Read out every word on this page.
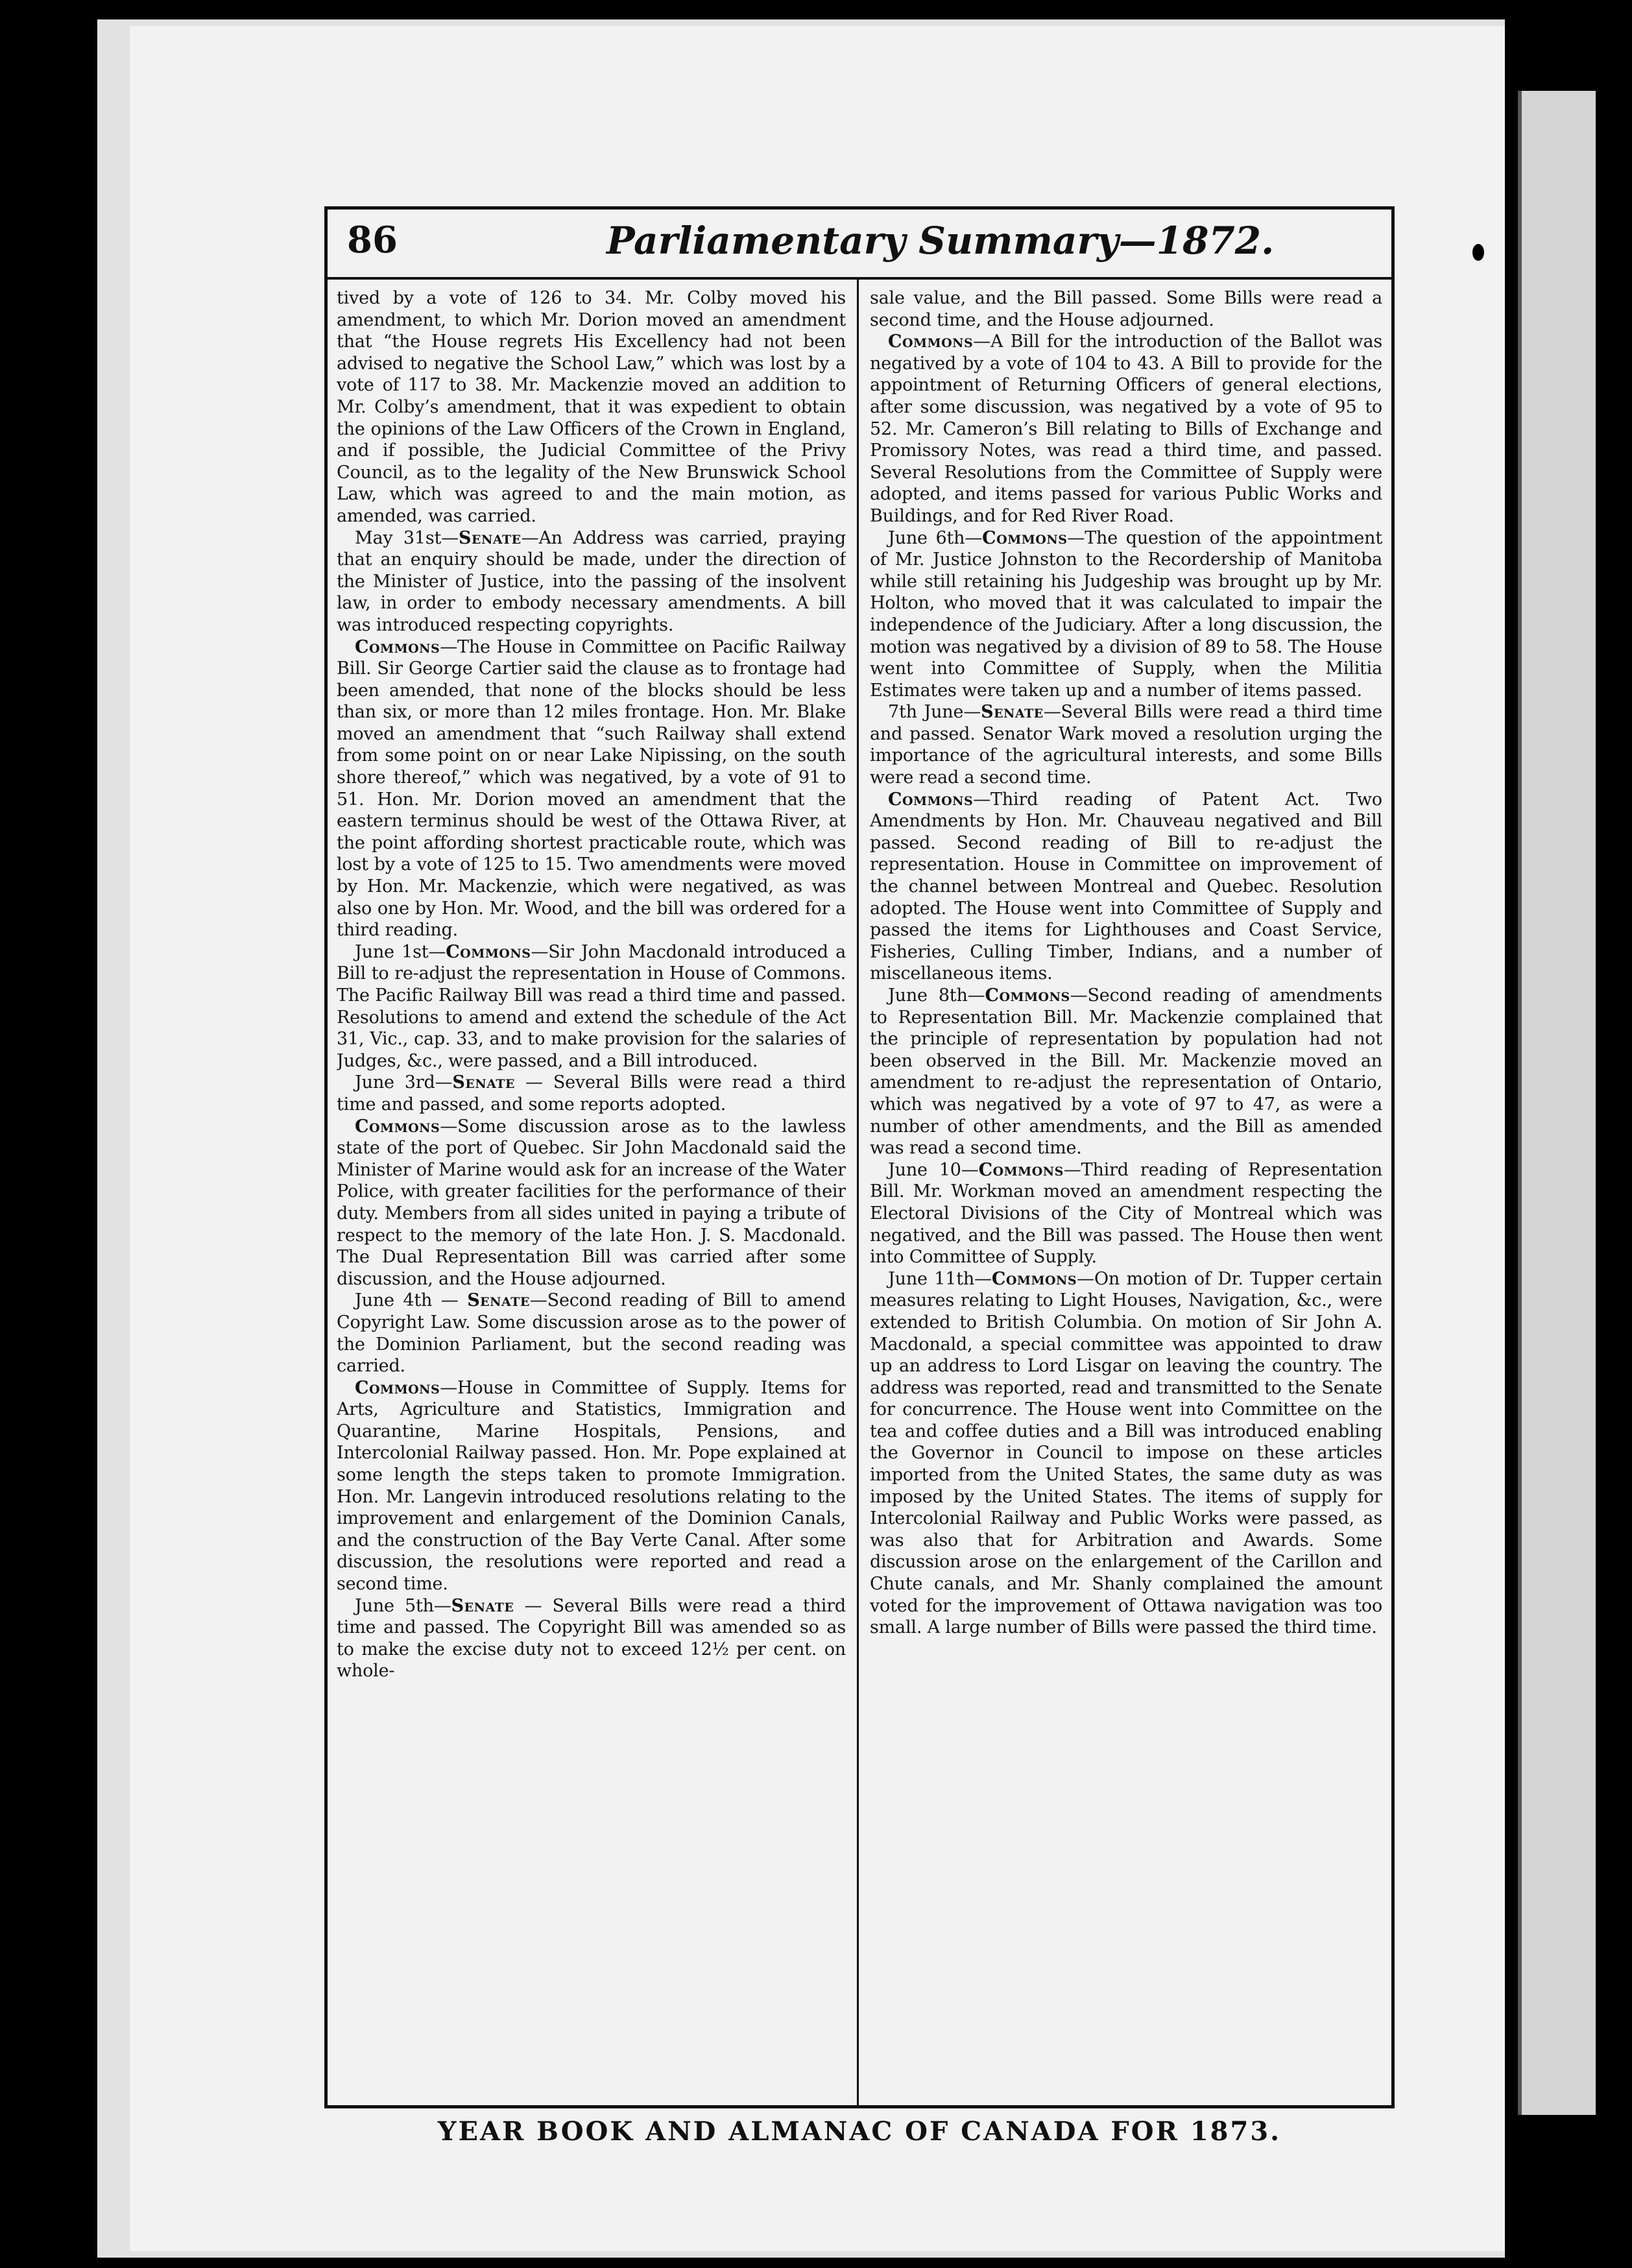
86	Parliamentary Summary—1872.

tived by a vote of 126 to 34. Mr. Colby moved his amendment, to which Mr. Dorion moved an amendment that “the House regrets His Excellency had not been advised to negative the School Law,” which was lost by a vote of 117 to 38. Mr. Mackenzie moved an addition to Mr. Colby’s amendment, that it was expedient to obtain the opinions of the Law Officers of the Crown in England, and if possible, the Judicial Committee of the Privy Council, as to the legality of the New Brunswick School Law, which was agreed to and the main motion, as amended, was carried.

May 31st—Senate—An Address was carried, praying that an enquiry should be made, under the direction of the Minister of Justice, into the passing of the insolvent law, in order to embody necessary amendments. A bill was introduced respecting copyrights.

Commons—The House in Committee on Pacific Railway Bill. Sir George Cartier said the clause as to frontage had been amended, that none of the blocks should be less than six, or more than 12 miles frontage. Hon. Mr. Blake moved an amendment that “such Railway shall extend from some point on or near Lake Nipissing, on the south shore thereof,” which was negatived, by a vote of 91 to 51. Hon. Mr. Dorion moved an amendment that the eastern terminus should be west of the Ottawa River, at the point affording shortest practicable route, which was lost by a vote of 125 to 15. Two amendments were moved by Hon. Mr. Mackenzie, which were negatived, as was also one by Hon. Mr. Wood, and the bill was ordered for a third reading.

June 1st—Commons—Sir John Macdonald introduced a Bill to re-adjust the representation in House of Commons. The Pacific Railway Bill was read a third time and passed. Resolutions to amend and extend the schedule of the Act 31, Vic., cap. 33, and to make provision for the salaries of Judges, &c., were passed, and a Bill introduced.

June 3rd—Senate — Several Bills were read a third time and passed, and some reports adopted.

Commons—Some discussion arose as to the lawless state of the port of Quebec. Sir John Macdonald said the Minister of Marine would ask for an increase of the Water Police, with greater facilities for the performance of their duty. Members from all sides united in paying a tribute of respect to the memory of the late Hon. J. S. Macdonald. The Dual Representation Bill was carried after some discussion, and the House adjourned.

June 4th — Senate—Second reading of Bill to amend Copyright Law. Some discussion arose as to the power of the Dominion Parliament, but the second reading was carried.

Commons—House in Committee of Supply. Items for Arts, Agriculture and Statistics, Immigration and Quarantine, Marine Hospitals, Pensions, and Intercolonial Railway passed. Hon. Mr. Pope explained at some length the steps taken to promote Immigration. Hon. Mr. Langevin introduced resolutions relating to the improvement and enlargement of the Dominion Canals, and the construction of the Bay Verte Canal. After some discussion, the resolutions were reported and read a second time.

June 5th—Senate — Several Bills were read a third time and passed. The Copyright Bill was amended so as to make the excise duty not to exceed 12½ per cent. on whole-

sale value, and the Bill passed. Some Bills were read a second time, and the House adjourned.

Commons—A Bill for the introduction of the Ballot was negatived by a vote of 104 to 43. A Bill to provide for the appointment of Returning Officers of general elections, after some discussion, was negatived by a vote of 95 to 52. Mr. Cameron’s Bill relating to Bills of Exchange and Promissory Notes, was read a third time, and passed. Several Resolutions from the Committee of Supply were adopted, and items passed for various Public Works and Buildings, and for Red River Road.

June 6th—Commons—The question of the appointment of Mr. Justice Johnston to the Recordership of Manitoba while still retaining his Judgeship was brought up by Mr. Holton, who moved that it was calculated to impair the independence of the Judiciary. After a long discussion, the motion was negatived by a division of 89 to 58. The House went into Committee of Supply, when the Militia Estimates were taken up and a number of items passed.

7th June—Senate—Several Bills were read a third time and passed. Senator Wark moved a resolution urging the importance of the agricultural interests, and some Bills were read a second time.

Commons—Third reading of Patent Act. Two Amendments by Hon. Mr. Chauveau negatived and Bill passed. Second reading of Bill to re-adjust the representation. House in Committee on improvement of the channel between Montreal and Quebec. Resolution adopted. The House went into Committee of Supply and passed the items for Lighthouses and Coast Service, Fisheries, Culling Timber, Indians, and a number of miscellaneous items.

June 8th—Commons—Second reading of amendments to Representation Bill. Mr. Mackenzie complained that the principle of representation by population had not been observed in the Bill. Mr. Mackenzie moved an amendment to re-adjust the representation of Ontario, which was negatived by a vote of 97 to 47, as were a number of other amendments, and the Bill as amended was read a second time.

June 10—Commons—Third reading of Representation Bill. Mr. Workman moved an amendment respecting the Electoral Divisions of the City of Montreal which was negatived, and the Bill was passed. The House then went into Committee of Supply.

June 11th—Commons—On motion of Dr. Tupper certain measures relating to Light Houses, Navigation, &c., were extended to British Columbia. On motion of Sir John A. Macdonald, a special committee was appointed to draw up an address to Lord Lisgar on leaving the country. The address was reported, read and transmitted to the Senate for concurrence. The House went into Committee on the tea and coffee duties and a Bill was introduced enabling the Governor in Council to impose on these articles imported from the United States, the same duty as was imposed by the United States. The items of supply for Intercolonial Railway and Public Works were passed, as was also that for Arbitration and Awards. Some discussion arose on the enlargement of the Carillon and Chute canals, and Mr. Shanly complained the amount voted for the improvement of Ottawa navigation was too small. A large number of Bills were passed the third time.

YEAR BOOK AND ALMANAC OF CANADA FOR 1873.
